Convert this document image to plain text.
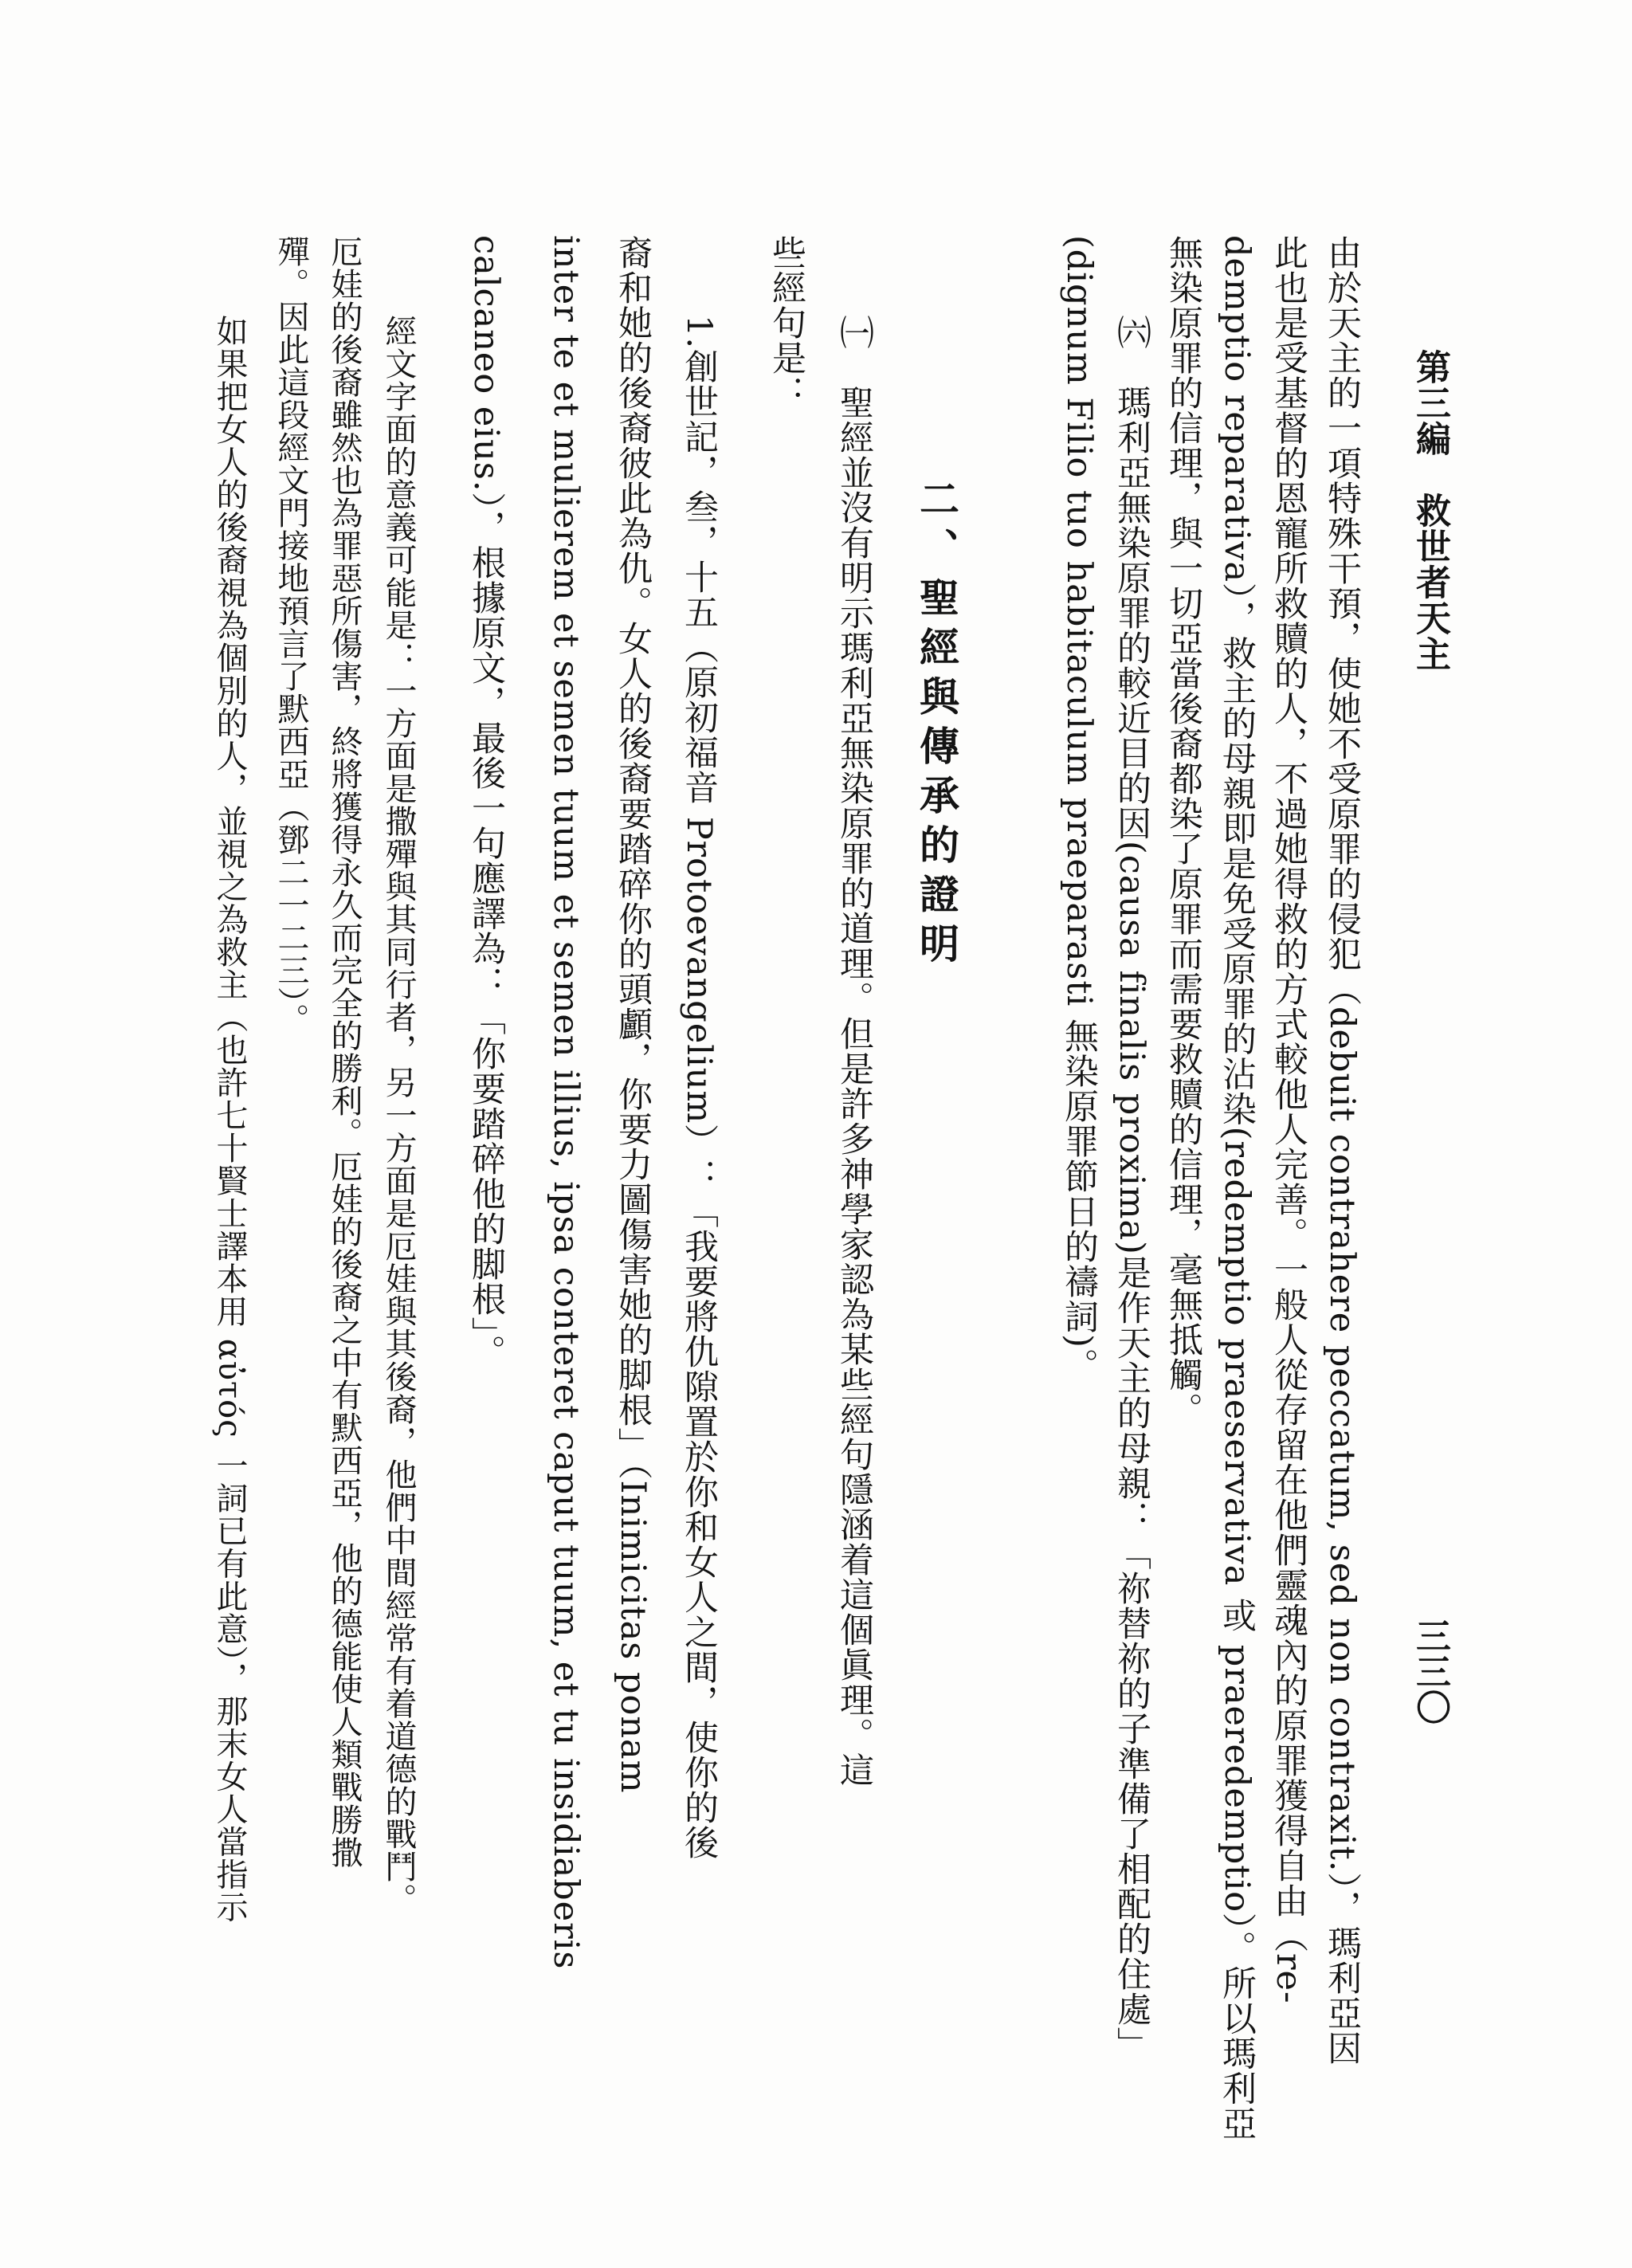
第三編　救世者天主
三三〇
由於天主的一項特殊干預，使她不受原罪的侵犯（debuit contrahere peccatum, sed non contraxit.），瑪利亞因
此也是受基督的恩寵所救贖的人，不過她得救的方式較他人完善。一般人從存留在他們靈魂內的原罪獲得自由（re-
demptio reparativa），救主的母親即是免受原罪的沾染(redemptio praeservativa 或 praeredemptio）。所以瑪利亞
無染原罪的信理，與一切亞當後裔都染了原罪而需要救贖的信理，毫無抵觸。
㈥　瑪利亞無染原罪的較近目的因(causa finalis proxima)是作天主的母親：「祢替祢的子準備了相配的住處」
(dignum Filio tuo habitaculum praeparasti 無染原罪節日的禱詞)。
二、聖經與傳承的證明
㈠　聖經並沒有明示瑪利亞無染原罪的道理。但是許多神學家認為某些經句隱涵着這個眞理。這
些經句是：
1.創世記，叁，十五（原初福音 Protoevangelium）：「我要將仇隙置於你和女人之間，使你的後
裔和她的後裔彼此為仇。女人的後裔要踏碎你的頭顱，你要力圖傷害她的脚根」（Inimicitas ponam
inter te et mulierem et semen tuum et semen illius, ipsa conteret caput tuum, et tu insidiaberis
calcaneo eius.），根據原文，最後一句應譯為：「你要踏碎他的脚根」。
經文字面的意義可能是：一方面是撒殫與其同行者，另一方面是厄娃與其後裔，他們中間經常有着道德的戰鬥。
厄娃的後裔雖然也為罪惡所傷害，終將獲得永久而完全的勝利。厄娃的後裔之中有默西亞，他的德能使人類戰勝撒
殫。因此這段經文門接地預言了默西亞（鄧二一二三）。
如果把女人的後裔視為個別的人，並視之為救主（也許七十賢士譯本用 αὐτός 一詞已有此意），那末女人當指示
